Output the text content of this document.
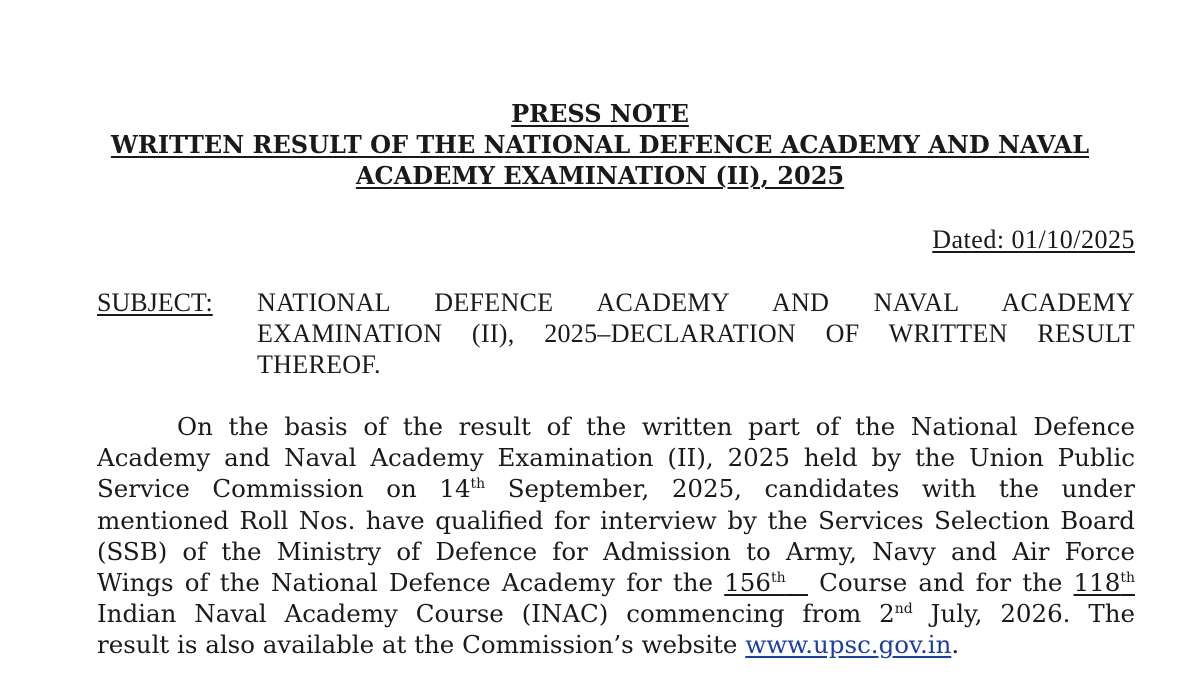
PRESS NOTE
WRITTEN RESULT OF THE NATIONAL DEFENCE ACADEMY AND NAVAL
ACADEMY EXAMINATION (II), 2025
Dated: 01/10/2025
SUBJECT: NATIONAL DEFENCE ACADEMY AND NAVAL ACADEMY
EXAMINATION (II), 2025–DECLARATION OF WRITTEN RESULT
THEREOF.
On the basis of the result of the written part of the National Defence
Academy and Naval Academy Examination (II), 2025 held by the Union Public
Service Commission on 14th September, 2025, candidates with the under
mentioned Roll Nos. have qualified for interview by the Services Selection Board
(SSB) of the Ministry of Defence for Admission to Army, Navy and Air Force
Wings of the National Defence Academy for the 156th   Course and for the 118th
Indian Naval Academy Course (INAC) commencing from 2nd July, 2026. The
result is also available at the Commission’s website www.upsc.gov.in.
